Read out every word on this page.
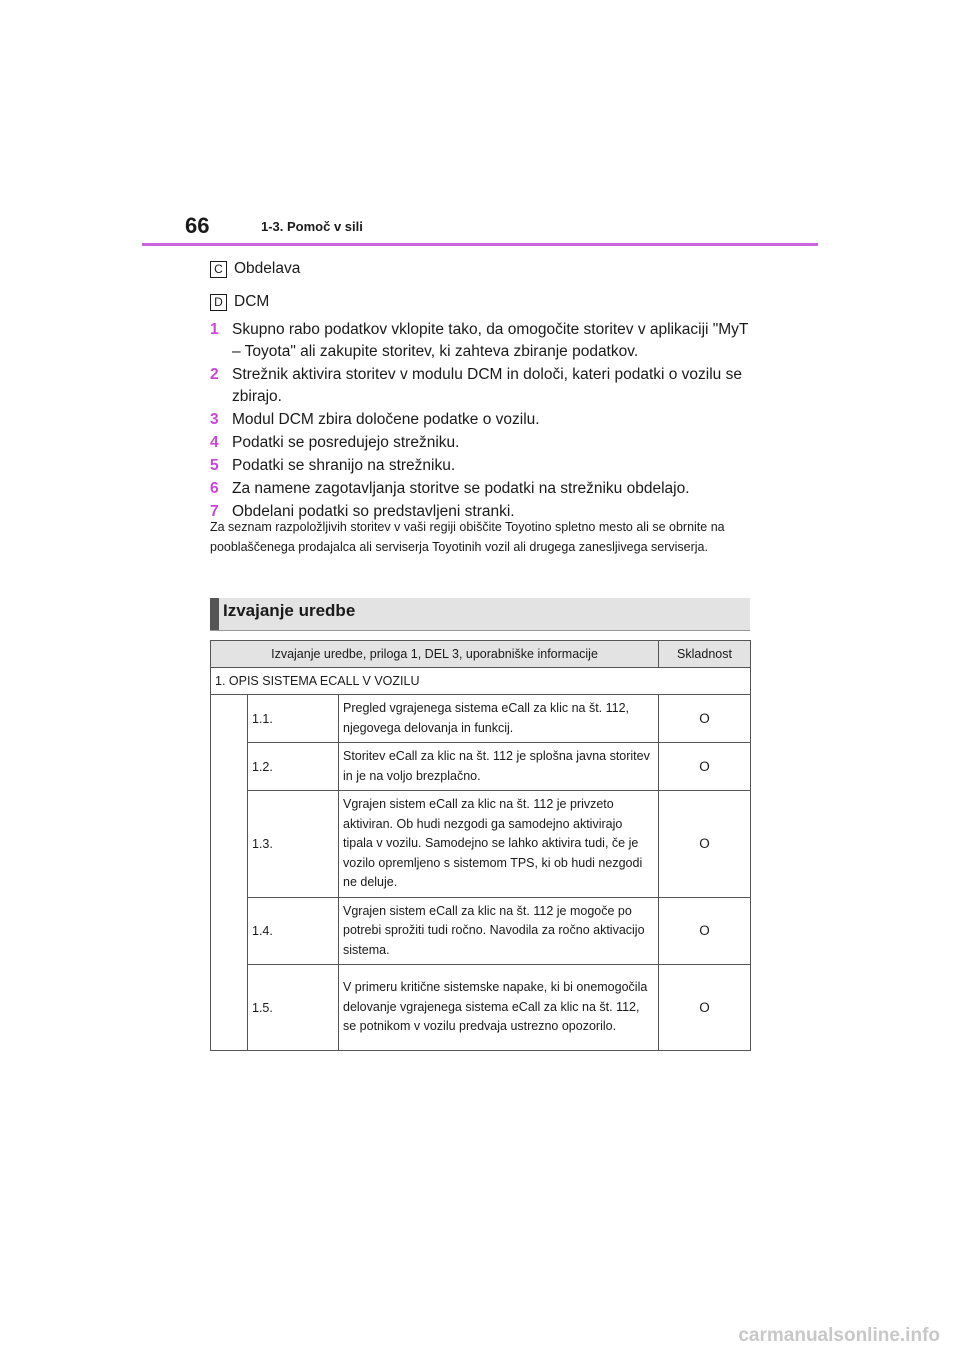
66	1-3. Pomoč v sili
C Obdelava
D DCM
1 Skupno rabo podatkov vklopite tako, da omogočite storitev v aplikaciji "MyT – Toyota" ali zakupite storitev, ki zahteva zbiranje podatkov.
2 Strežnik aktivira storitev v modulu DCM in določi, kateri podatki o vozilu se zbirajo.
3 Modul DCM zbira določene podatke o vozilu.
4 Podatki se posredujejo strežniku.
5 Podatki se shranijo na strežniku.
6 Za namene zagotavljanja storitve se podatki na strežniku obdelajo.
7 Obdelani podatki so predstavljeni stranki.
Za seznam razpoložljivih storitev v vaši regiji obiščite Toyotino spletno mesto ali se obrnite na pooblaščenega prodajalca ali serviserja Toyotinih vozil ali drugega zanesljivega serviserja.
Izvajanje uredbe
Izvajanje uredbe, priloga 1, DEL 3, uporabniške informacije			Skladnost
1. OPIS SISTEMA ECALL V VOZILU			
	1.1.	Pregled vgrajenega sistema eCall za klic na št. 112, njegovega delovanja in funkcij.	O
	1.2.	Storitev eCall za klic na št. 112 je splošna javna storitev in je na voljo brezplačno.	O
	1.3.	Vgrajen sistem eCall za klic na št. 112 je privzeto aktiviran. Ob hudi nezgodi ga samodejno aktivirajo tipala v vozilu. Samodejno se lahko aktivira tudi, če je vozilo opremljeno s sistemom TPS, ki ob hudi nezgodi ne deluje.	O
	1.4.	Vgrajen sistem eCall za klic na št. 112 je mogoče po potrebi sprožiti tudi ročno. Navodila za ročno aktivacijo sistema.	O
	1.5.	V primeru kritične sistemske napake, ki bi onemogočila delovanje vgrajenega sistema eCall za klic na št. 112, se potnikom v vozilu predvaja ustrezno opozorilo.	O
carmanualsonline.info
